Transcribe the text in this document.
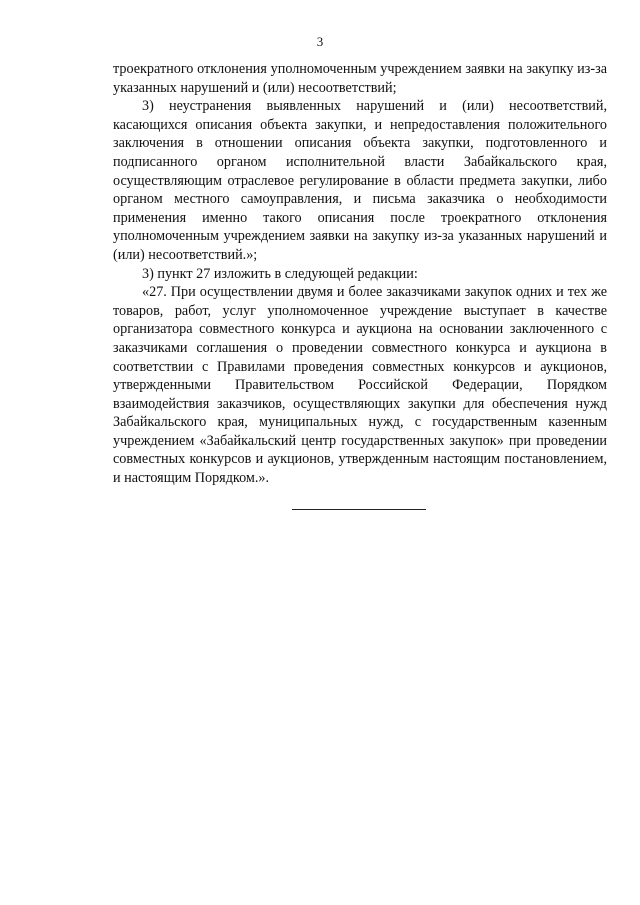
3

троекратного отклонения уполномоченным учреждением заявки на закупку из-за указанных нарушений и (или) несоответствий;

3) неустранения выявленных нарушений и (или) несоответствий, касающихся описания объекта закупки, и непредоставления положительного заключения в отношении описания объекта закупки, подготовленного и подписанного органом исполнительной власти Забайкальского края, осуществляющим отраслевое регулирование в области предмета закупки, либо органом местного самоуправления, и письма заказчика о необходимости применения именно такого описания после троекратного отклонения уполномоченным учреждением заявки на закупку из-за указанных нарушений и (или) несоответствий.»;

3) пункт 27 изложить в следующей редакции:

«27. При осуществлении двумя и более заказчиками закупок одних и тех же товаров, работ, услуг уполномоченное учреждение выступает в качестве организатора совместного конкурса и аукциона на основании заключенного с заказчиками соглашения о проведении совместного конкурса и аукциона в соответствии с Правилами проведения совместных конкурсов и аукционов, утвержденными Правительством Российской Федерации, Порядком взаимодействия заказчиков, осуществляющих закупки для обеспечения нужд Забайкальского края, муниципальных нужд, с государственным казенным учреждением «Забайкальский центр государственных закупок» при проведении совместных конкурсов и аукционов, утвержденным настоящим постановлением, и настоящим Порядком.».
